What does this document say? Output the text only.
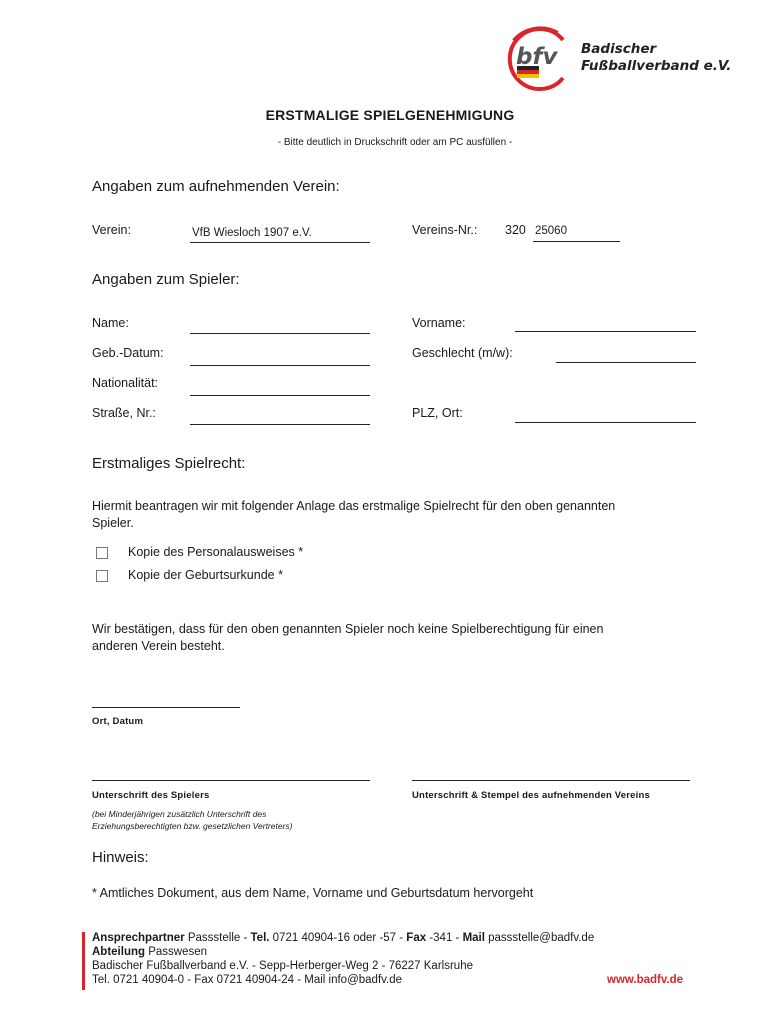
bfv Badischer
Fußballverband e.V.
ERSTMALIGE SPIELGENEHMIGUNG
- Bitte deutlich in Druckschrift oder am PC ausfüllen -
Angaben zum aufnehmenden Verein:
Verein:	VfB Wiesloch 1907 e.V.	Vereins-Nr.: 320 25060
Angaben zum Spieler:
Name:	Vorname:
Geb.-Datum:	Geschlecht (m/w):
Nationalität:
Straße, Nr.:	PLZ, Ort:
Erstmaliges Spielrecht:
Hiermit beantragen wir mit folgender Anlage das erstmalige Spielrecht für den oben genannten
Spieler.
Kopie des Personalausweises *
Kopie der Geburtsurkunde *
Wir bestätigen, dass für den oben genannten Spieler noch keine Spielberechtigung für einen
anderen Verein besteht.
Ort, Datum
Unterschrift des Spielers
(bei Minderjährigen zusätzlich Unterschrift des
Erziehungsberechtigten bzw. gesetzlichen Vertreters)
Unterschrift & Stempel des aufnehmenden Vereins
Hinweis:
* Amtliches Dokument, aus dem Name, Vorname und Geburtsdatum hervorgeht
Ansprechpartner Passstelle - Tel. 0721 40904-16 oder -57 - Fax -341 - Mail passstelle@badfv.de
Abteilung Passwesen
Badischer Fußballverband e.V. - Sepp-Herberger-Weg 2 - 76227 Karlsruhe
Tel. 0721 40904-0 - Fax 0721 40904-24 - Mail info@badfv.de	www.badfv.de
